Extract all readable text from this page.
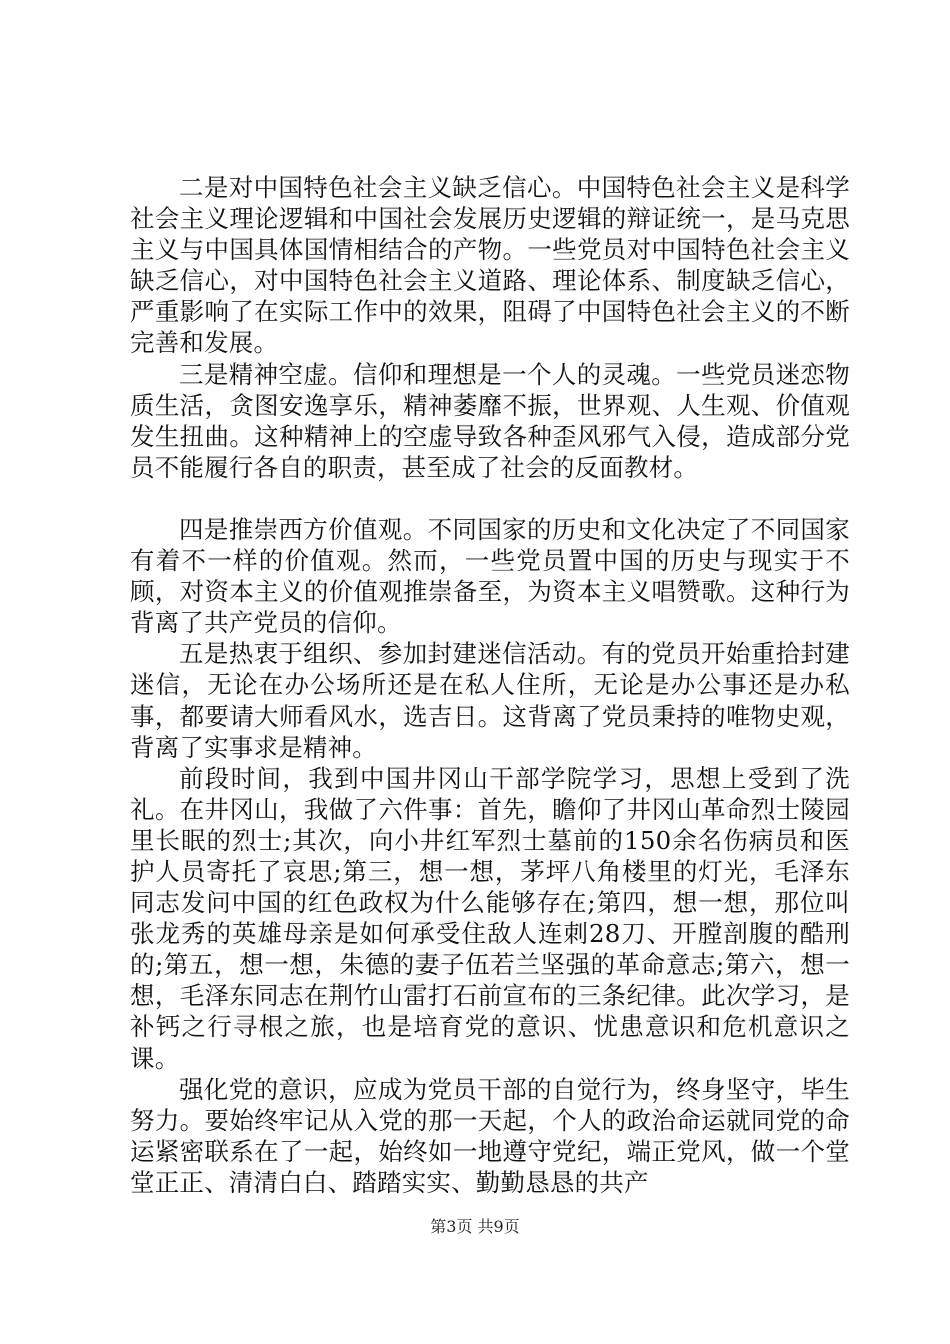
二是对中国特色社会主义缺乏信心。中国特色社会主义是科学社会主义理论逻辑和中国社会发展历史逻辑的辩证统一，是马克思主义与中国具体国情相结合的产物。一些党员对中国特色社会主义缺乏信心，对中国特色社会主义道路、理论体系、制度缺乏信心，严重影响了在实际工作中的效果，阻碍了中国特色社会主义的不断完善和发展。

三是精神空虚。信仰和理想是一个人的灵魂。一些党员迷恋物质生活，贪图安逸享乐，精神萎靡不振，世界观、人生观、价值观发生扭曲。这种精神上的空虚导致各种歪风邪气入侵，造成部分党员不能履行各自的职责，甚至成了社会的反面教材。

四是推崇西方价值观。不同国家的历史和文化决定了不同国家有着不一样的价值观。然而，一些党员置中国的历史与现实于不顾，对资本主义的价值观推崇备至，为资本主义唱赞歌。这种行为背离了共产党员的信仰。

五是热衷于组织、参加封建迷信活动。有的党员开始重拾封建迷信，无论在办公场所还是在私人住所，无论是办公事还是办私事，都要请大师看风水，选吉日。这背离了党员秉持的唯物史观，背离了实事求是精神。

前段时间，我到中国井冈山干部学院学习，思想上受到了洗礼。在井冈山，我做了六件事：首先，瞻仰了井冈山革命烈士陵园里长眠的烈士;其次，向小井红军烈士墓前的150余名伤病员和医护人员寄托了哀思;第三，想一想，茅坪八角楼里的灯光，毛泽东同志发问中国的红色政权为什么能够存在;第四，想一想，那位叫张龙秀的英雄母亲是如何承受住敌人连刺28刀、开膛剖腹的酷刑的;第五，想一想，朱德的妻子伍若兰坚强的革命意志;第六，想一想，毛泽东同志在荆竹山雷打石前宣布的三条纪律。此次学习，是补钙之行寻根之旅，也是培育党的意识、忧患意识和危机意识之课。

强化党的意识，应成为党员干部的自觉行为，终身坚守，毕生努力。要始终牢记从入党的那一天起，个人的政治命运就同党的命运紧密联系在了一起，始终如一地遵守党纪，端正党风，做一个堂堂正正、清清白白、踏踏实实、勤勤恳恳的共产

第3页 共9页
